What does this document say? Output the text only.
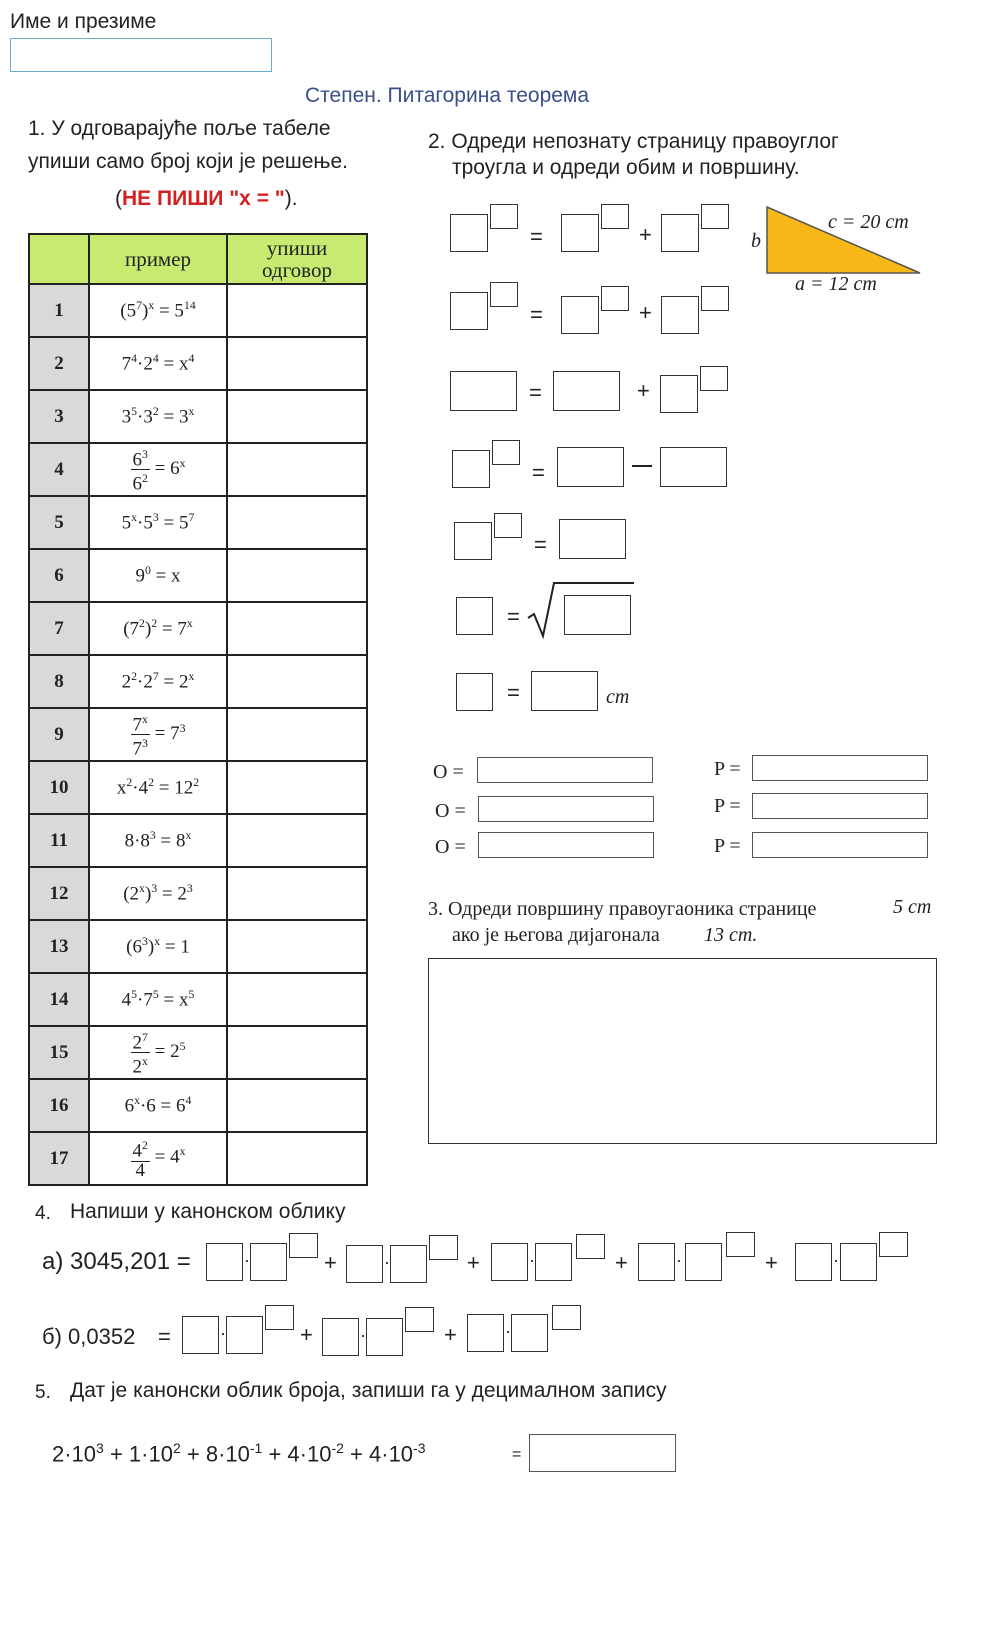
Име и презиме
Степен. Питагорина теорема
1. У одговарајуће поље табеле
упиши само број који је решење.
(НЕ ПИШИ "x = ").
	пример	упиши одговор

1	$(5^7)^x = 5^{14}$	
2	$7^4\cdot 2^4 = x^4$	
3	$3^5\cdot 3^2 = 3^x$	
4	$\frac{6^3}{6^2} = 6^x$	
5	$5^x\cdot 5^3 = 5^7$	
6	$9^0 = x$	
7	$(7^2)^2 = 7^x$	
8	$2^2\cdot 2^7 = 2^x$	
9	$\frac{7^x}{7^3} = 7^3$	
10	$x^2\cdot 4^2 = 12^2$	
11	$8\cdot 8^3 = 8^x$	
12	$(2^x)^3 = 2^3$	
13	$(6^3)^x = 1$	
14	$4^5\cdot 7^5 = x^5$	
15	$\frac{2^7}{2^x} = 2^5$	
16	$6^x\cdot 6 = 6^4$	
17	$\frac{4^2}{4} = 4^x$	
2. Одреди непознату страницу правоуглог
троугла и одреди обим и површину.
c = 20 cm
a = 12 cm
b
=	+
=	+
=	+
=
=
=
=	cm
O =
O =
O =
P =
P =
P =
3. Одреди површину правоугаоника странице	5 cm
ако је његова дијагонала 13 cm.
4. Напиши у канонском облику
а) 3045,201 =	·	+	·	+	·	+	·	+	·
б) 0,0352 =	·	+	·	+	·
5. Дат је канонски облик броја, запиши га у децималном запису
$2\cdot 10^3 + 1\cdot 10^2 + 8\cdot 10^{-1} + 4\cdot 10^{-2} + 4\cdot 10^{-3}$	=
